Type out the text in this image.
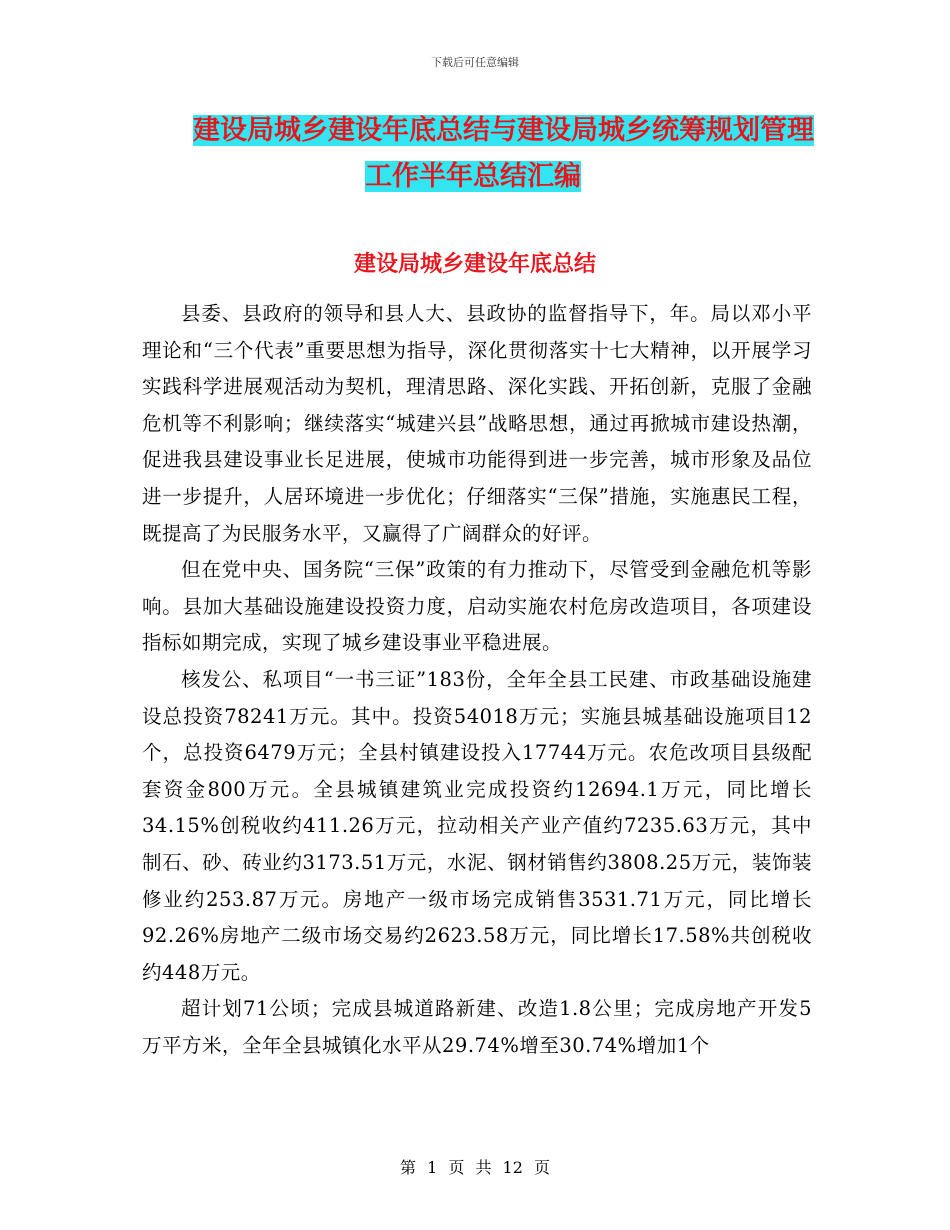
下载后可任意编辑
建设局城乡建设年底总结与建设局城乡统筹规划管理
工作半年总结汇编
建设局城乡建设年底总结

县委、县政府的领导和县人大、县政协的监督指导下，年。局以邓小平理论和“三个代表”重要思想为指导，深化贯彻落实十七大精神，以开展学习实践科学进展观活动为契机，理清思路、深化实践、开拓创新，克服了金融危机等不利影响；继续落实“城建兴县”战略思想，通过再掀城市建设热潮，促进我县建设事业长足进展，使城市功能得到进一步完善，城市形象及品位进一步提升，人居环境进一步优化；仔细落实“三保”措施，实施惠民工程，既提高了为民服务水平，又赢得了广阔群众的好评。

但在党中央、国务院“三保”政策的有力推动下，尽管受到金融危机等影响。县加大基础设施建设投资力度，启动实施农村危房改造项目，各项建设指标如期完成，实现了城乡建设事业平稳进展。

核发公、私项目“一书三证”183份，全年全县工民建、市政基础设施建设总投资78241万元。其中。投资54018万元；实施县城基础设施项目12个，总投资6479万元；全县村镇建设投入17744万元。农危改项目县级配套资金800万元。全县城镇建筑业完成投资约12694.1万元，同比增长34.15%创税收约411.26万元，拉动相关产业产值约7235.63万元，其中制石、砂、砖业约3173.51万元，水泥、钢材销售约3808.25万元，装饰装修业约253.87万元。房地产一级市场完成销售3531.71万元，同比增长92.26%房地产二级市场交易约2623.58万元，同比增长17.58%共创税收约448万元。

超计划71公顷；完成县城道路新建、改造1.8公里；完成房地产开发5万平方米，全年全县城镇化水平从29.74%增至30.74%增加1个

第 1 页 共 12 页
